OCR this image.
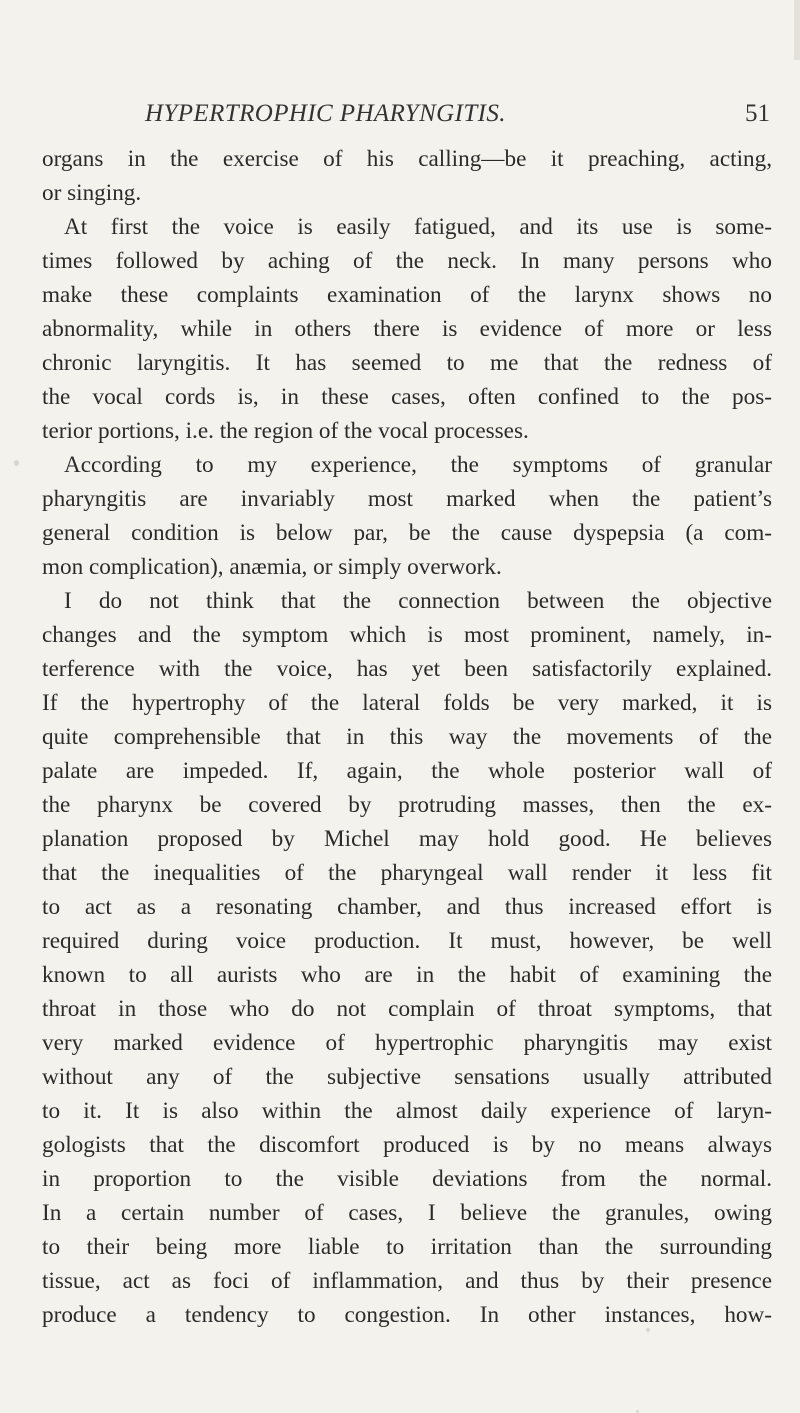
HYPERTROPHIC PHARYNGITIS.	51
organs in the exercise of his calling—be it preaching, acting,
or singing.
At first the voice is easily fatigued, and its use is some-
times followed by aching of the neck. In many persons who
make these complaints examination of the larynx shows no
abnormality, while in others there is evidence of more or less
chronic laryngitis. It has seemed to me that the redness of
the vocal cords is, in these cases, often confined to the pos-
terior portions, i.e. the region of the vocal processes.
According to my experience, the symptoms of granular
pharyngitis are invariably most marked when the patient’s
general condition is below par, be the cause dyspepsia (a com-
mon complication), anæmia, or simply overwork.
I do not think that the connection between the objective
changes and the symptom which is most prominent, namely, in-
terference with the voice, has yet been satisfactorily explained.
If the hypertrophy of the lateral folds be very marked, it is
quite comprehensible that in this way the movements of the
palate are impeded. If, again, the whole posterior wall of
the pharynx be covered by protruding masses, then the ex-
planation proposed by Michel may hold good. He believes
that the inequalities of the pharyngeal wall render it less fit
to act as a resonating chamber, and thus increased effort is
required during voice production. It must, however, be well
known to all aurists who are in the habit of examining the
throat in those who do not complain of throat symptoms, that
very marked evidence of hypertrophic pharyngitis may exist
without any of the subjective sensations usually attributed
to it. It is also within the almost daily experience of laryn-
gologists that the discomfort produced is by no means always
in proportion to the visible deviations from the normal.
In a certain number of cases, I believe the granules, owing
to their being more liable to irritation than the surrounding
tissue, act as foci of inflammation, and thus by their presence
produce a tendency to congestion. In other instances, how-
